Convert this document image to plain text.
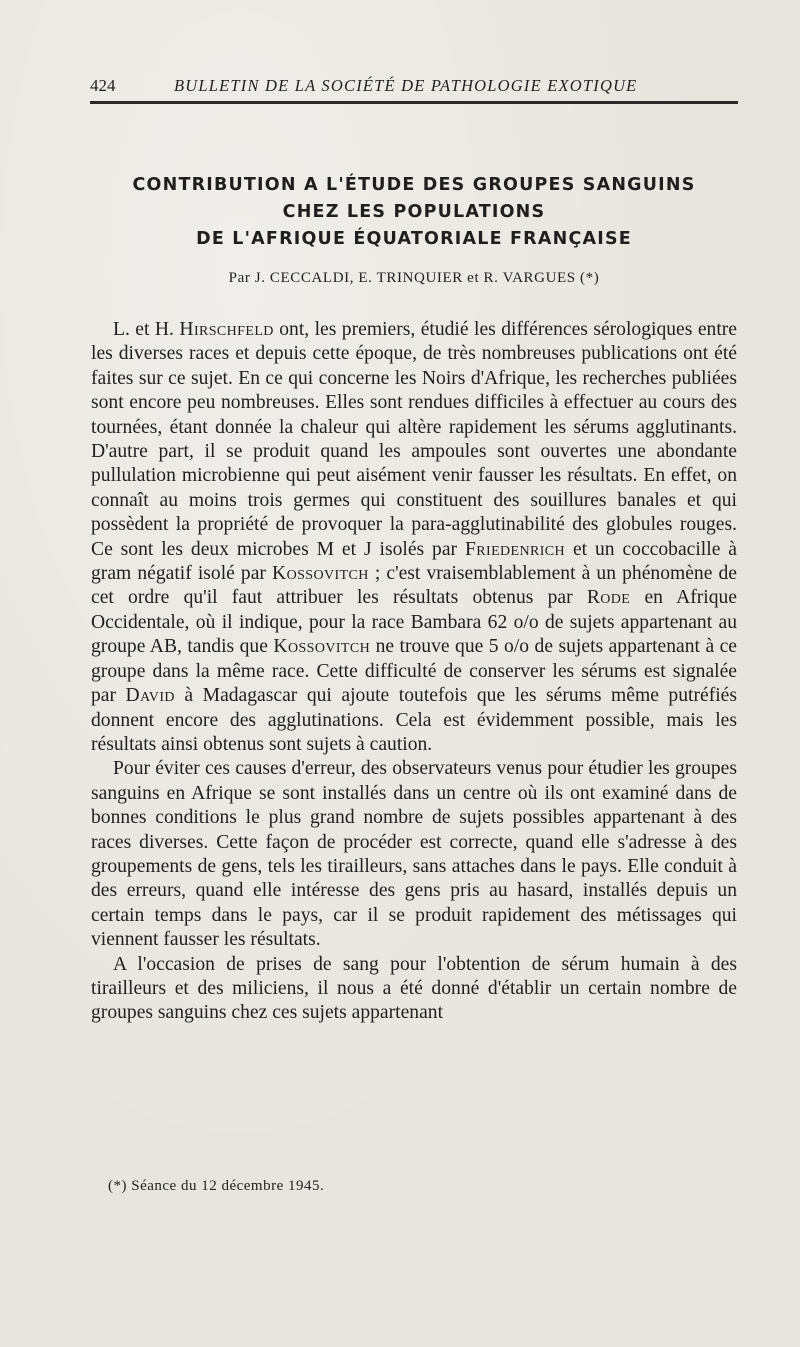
424	BULLETIN DE LA SOCIÉTÉ DE PATHOLOGIE EXOTIQUE
CONTRIBUTION A L'ÉTUDE DES GROUPES SANGUINS
CHEZ LES POPULATIONS
DE L'AFRIQUE ÉQUATORIALE FRANÇAISE
Par J. CECCALDI, E. TRINQUIER et R. VARGUES (*)

L. et H. Hirschfeld ont, les premiers, étudié les différences sérologiques entre les diverses races et depuis cette époque, de très nombreuses publications ont été faites sur ce sujet. En ce qui concerne les Noirs d'Afrique, les recherches publiées sont encore peu nombreuses. Elles sont rendues difficiles à effectuer au cours des tournées, étant donnée la chaleur qui altère rapidement les sérums agglutinants. D'autre part, il se produit quand les ampoules sont ouvertes une abondante pullulation microbienne qui peut aisément venir fausser les résultats. En effet, on connaît au moins trois germes qui constituent des souillures banales et qui possèdent la propriété de provoquer la para-agglutinabilité des globules rouges. Ce sont les deux microbes M et J isolés par Friedenrich et un coccobacille à gram négatif isolé par Kossovitch ; c'est vraisemblablement à un phénomène de cet ordre qu'il faut attribuer les résultats obtenus par Rode en Afrique Occidentale, où il indique, pour la race Bambara 62 o/o de sujets appartenant au groupe AB, tandis que Kossovitch ne trouve que 5 o/o de sujets appartenant à ce groupe dans la même race. Cette difficulté de conserver les sérums est signalée par David à Madagascar qui ajoute toutefois que les sérums même putréfiés donnent encore des agglutinations. Cela est évidemment possible, mais les résultats ainsi obtenus sont sujets à caution.

Pour éviter ces causes d'erreur, des observateurs venus pour étudier les groupes sanguins en Afrique se sont installés dans un centre où ils ont examiné dans de bonnes conditions le plus grand nombre de sujets possibles appartenant à des races diverses. Cette façon de procéder est correcte, quand elle s'adresse à des groupements de gens, tels les tirailleurs, sans attaches dans le pays. Elle conduit à des erreurs, quand elle intéresse des gens pris au hasard, installés depuis un certain temps dans le pays, car il se produit rapidement des métissages qui viennent fausser les résultats.

A l'occasion de prises de sang pour l'obtention de sérum humain à des tirailleurs et des miliciens, il nous a été donné d'établir un certain nombre de groupes sanguins chez ces sujets appartenant

(*) Séance du 12 décembre 1945.
